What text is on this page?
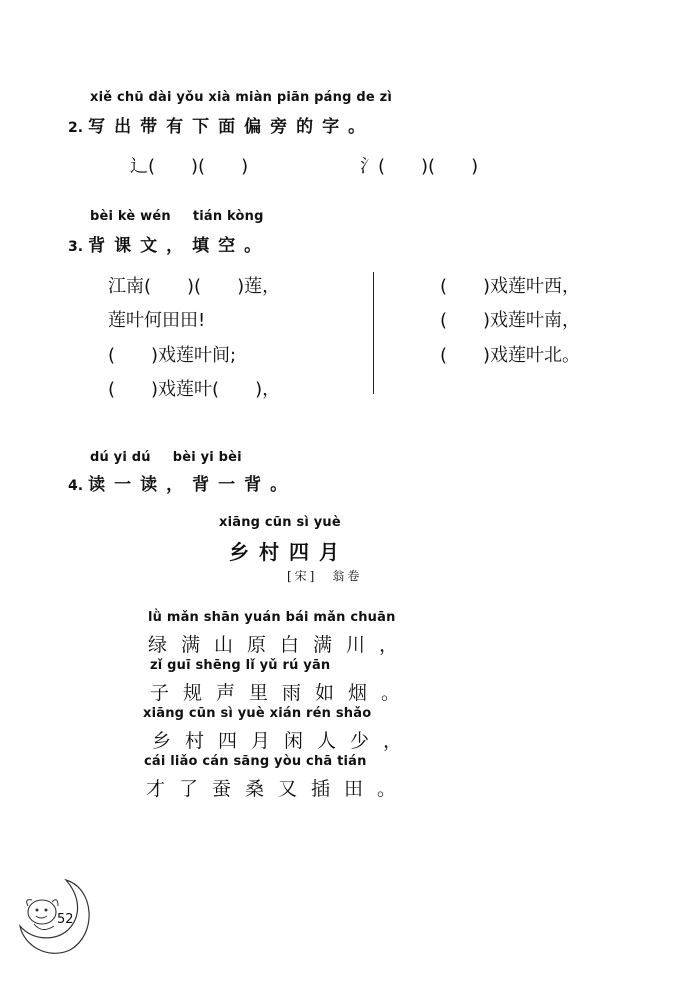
xiě chū dài yǒu xià miàn piān páng de zì
2. 写出带有下面偏旁的字。
辶(　　)(　　)	氵(　　)(　　)
bèi kè wén tián kòng
3. 背课文，填空。
江南(　　)(　　)莲，
莲叶何田田!
(　　)戏莲叶间;
(　　)戏莲叶(　　)，
(　　)戏莲叶西，
(　　)戏莲叶南，
(　　)戏莲叶北。
dú yi dú bèi yi bèi
4. 读一读，背一背。
xiāng cūn sì yuè
乡村四月
[宋]　翁卷
lǜ mǎn shān yuán bái mǎn chuān
绿满山原白满川，
zǐ guī shēng lǐ yǔ rú yān
子规声里雨如烟。
xiāng cūn sì yuè xián rén shǎo
乡村四月闲人少，
cái liǎo cán sāng yòu chā tián
才了蚕桑又插田。
52
